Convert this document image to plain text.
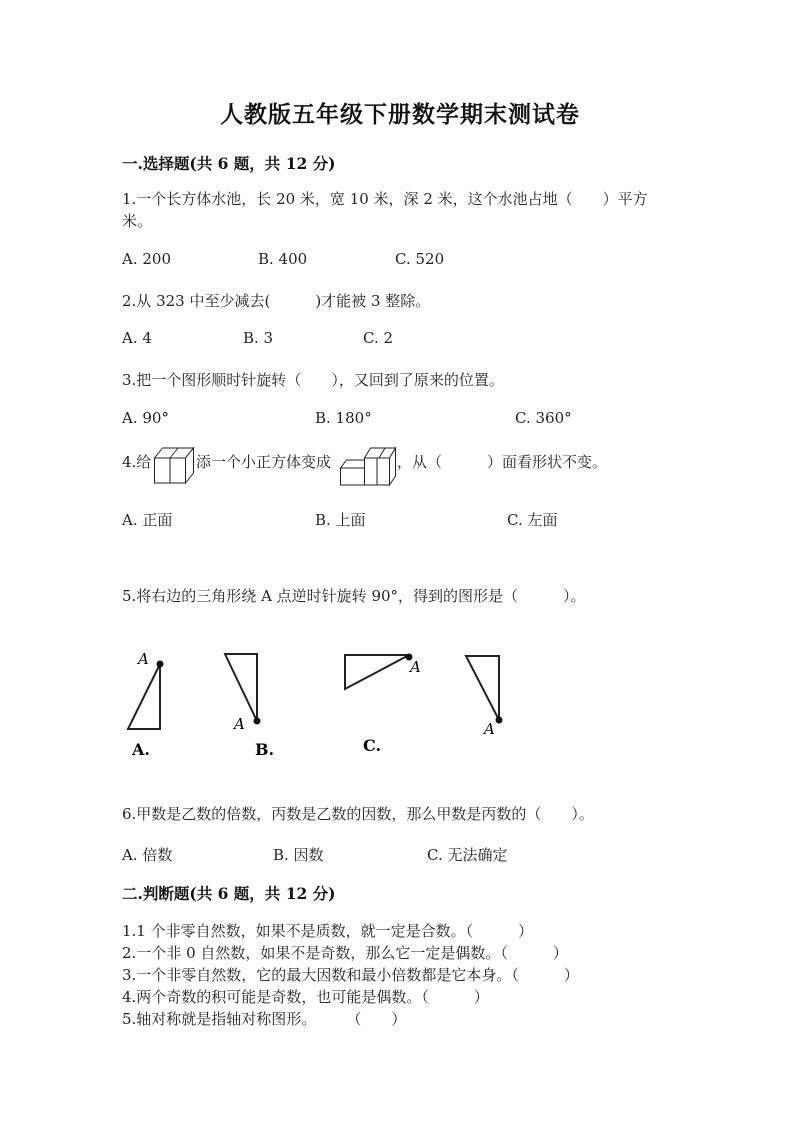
人教版五年级下册数学期末测试卷
一.选择题(共 6 题，共 12 分)
1.一个长方体水池，长 20 米，宽 10 米，深 2 米，这个水池占地（　　）平方
米。
A. 200	B. 400	C. 520
2.从 323 中至少减去(　　　)才能被 3 整除。
A. 4	B. 3	C. 2
3.把一个图形顺时针旋转（　　），又回到了原来的位置。
A. 90°	B. 180°	C. 360°
4.给	添一个小正方体变成	，从（　　　）面看形状不变。
A. 正面	B. 上面	C. 左面
5.将右边的三角形绕 A 点逆时针旋转 90°，得到的图形是（　　　）。
A
A.
A
B.
A
C.
A
6.甲数是乙数的倍数，丙数是乙数的因数，那么甲数是丙数的（　　）。
A. 倍数	B. 因数	C. 无法确定
二.判断题(共 6 题，共 12 分)
1.1 个非零自然数，如果不是质数，就一定是合数。（　　　）
2.一个非 0 自然数，如果不是奇数，那么它一定是偶数。（　　　）
3.一个非零自然数，它的最大因数和最小倍数都是它本身。（　　　）
4.两个奇数的积可能是奇数，也可能是偶数。（　　　）
5.轴对称就是指轴对称图形。　　　（　　）
